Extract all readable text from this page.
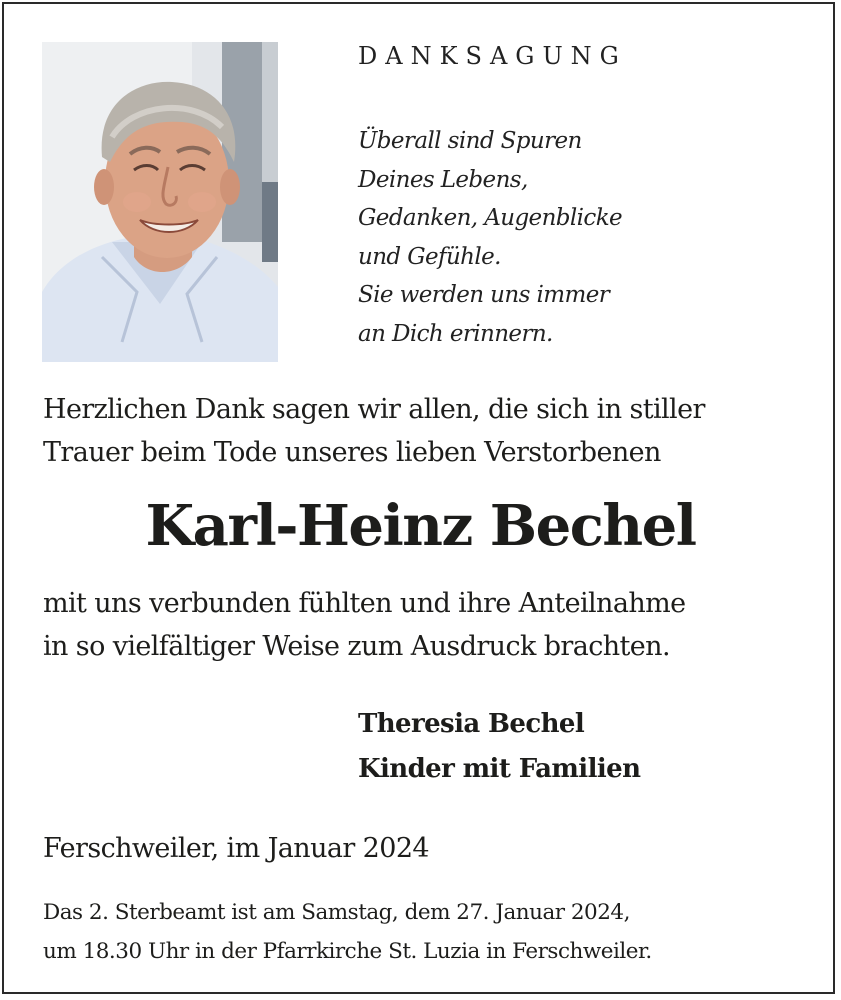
DANKSAGUNG
Überall sind Spuren
Deines Lebens,
Gedanken, Augenblicke
und Gefühle.
Sie werden uns immer
an Dich erinnern.
Herzlichen Dank sagen wir allen, die sich in stiller
Trauer beim Tode unseres lieben Verstorbenen
Karl-Heinz Bechel
mit uns verbunden fühlten und ihre Anteilnahme
in so vielfältiger Weise zum Ausdruck brachten.
Theresia Bechel
Kinder mit Familien
Ferschweiler, im Januar 2024
Das 2. Sterbeamt ist am Samstag, dem 27. Januar 2024,
um 18.30 Uhr in der Pfarrkirche St. Luzia in Ferschweiler.
